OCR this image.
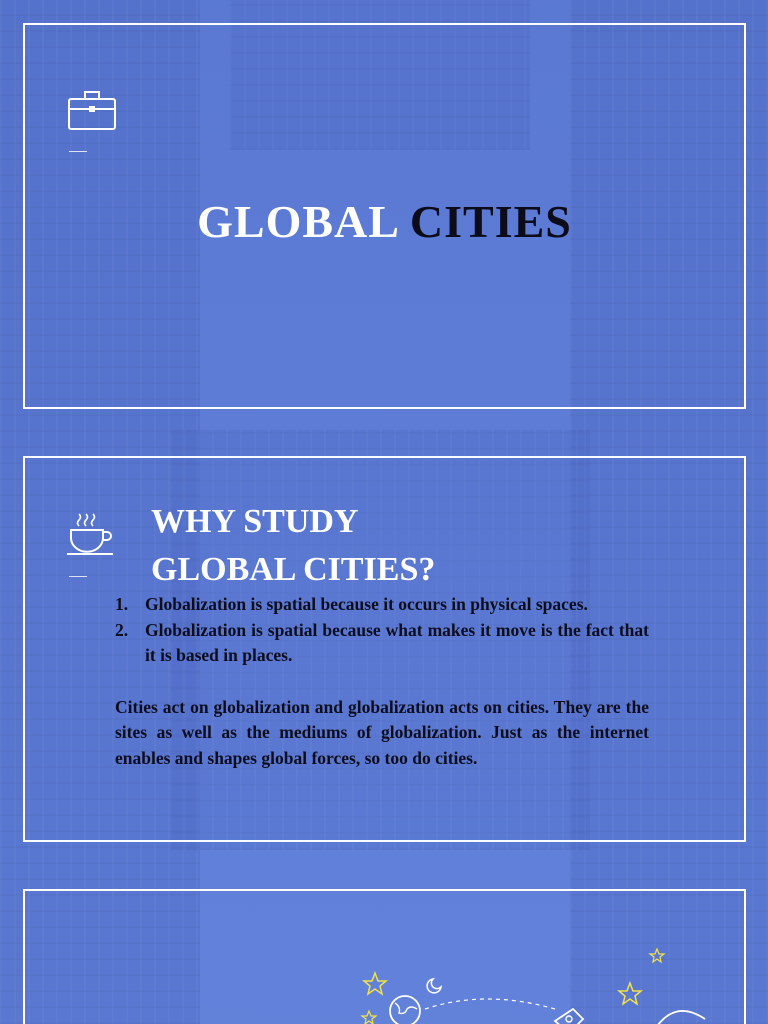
GLOBAL CITIES
WHY STUDY
GLOBAL CITIES?
1. Globalization is spatial because it occurs in physical spaces.
2. Globalization is spatial because what makes it move is the fact that it is based in places.

Cities act on globalization and globalization acts on cities. They are the sites as well as the mediums of globalization. Just as the internet enables and shapes global forces, so too do cities.
